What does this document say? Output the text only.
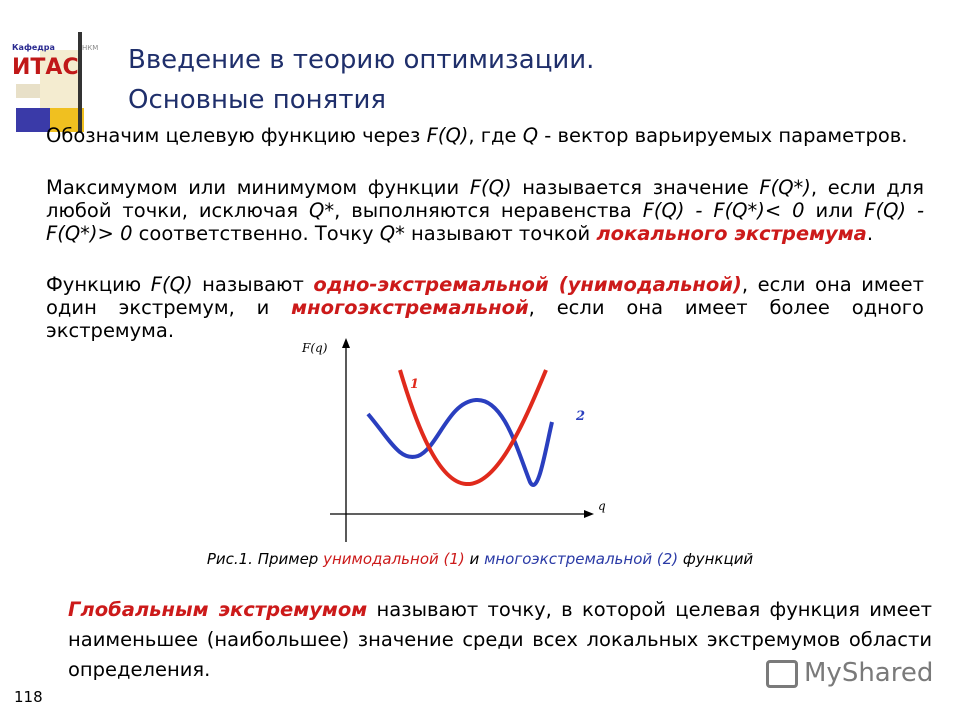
Кафедра	НКМ
ИТАС Введение в теорию оптимизации.
Основные понятия

Обозначим целевую функцию через F(Q), где Q - вектор варьируемых параметров.

Максимумом или минимумом функции F(Q) называется значение F(Q*), если для любой точки, исключая Q*, выполняются неравенства F(Q) - F(Q*)< 0 или F(Q) - F(Q*)> 0 соответственно. Точку Q* называют точкой локального экстремума.

Функцию F(Q) называют одно-экстремальной (унимодальной), если она имеет один экстремум, и многоэкстремальной, если она имеет более одного экстремума.

F(q)
q
1
2
Рис.1. Пример унимодальной (1) и многоэкстремальной (2) функций

Глобальным экстремумом называют точку, в которой целевая функция имеет наименьшее (наибольшее) значение среди всех локальных экстремумов области определения.

118
MyShared
